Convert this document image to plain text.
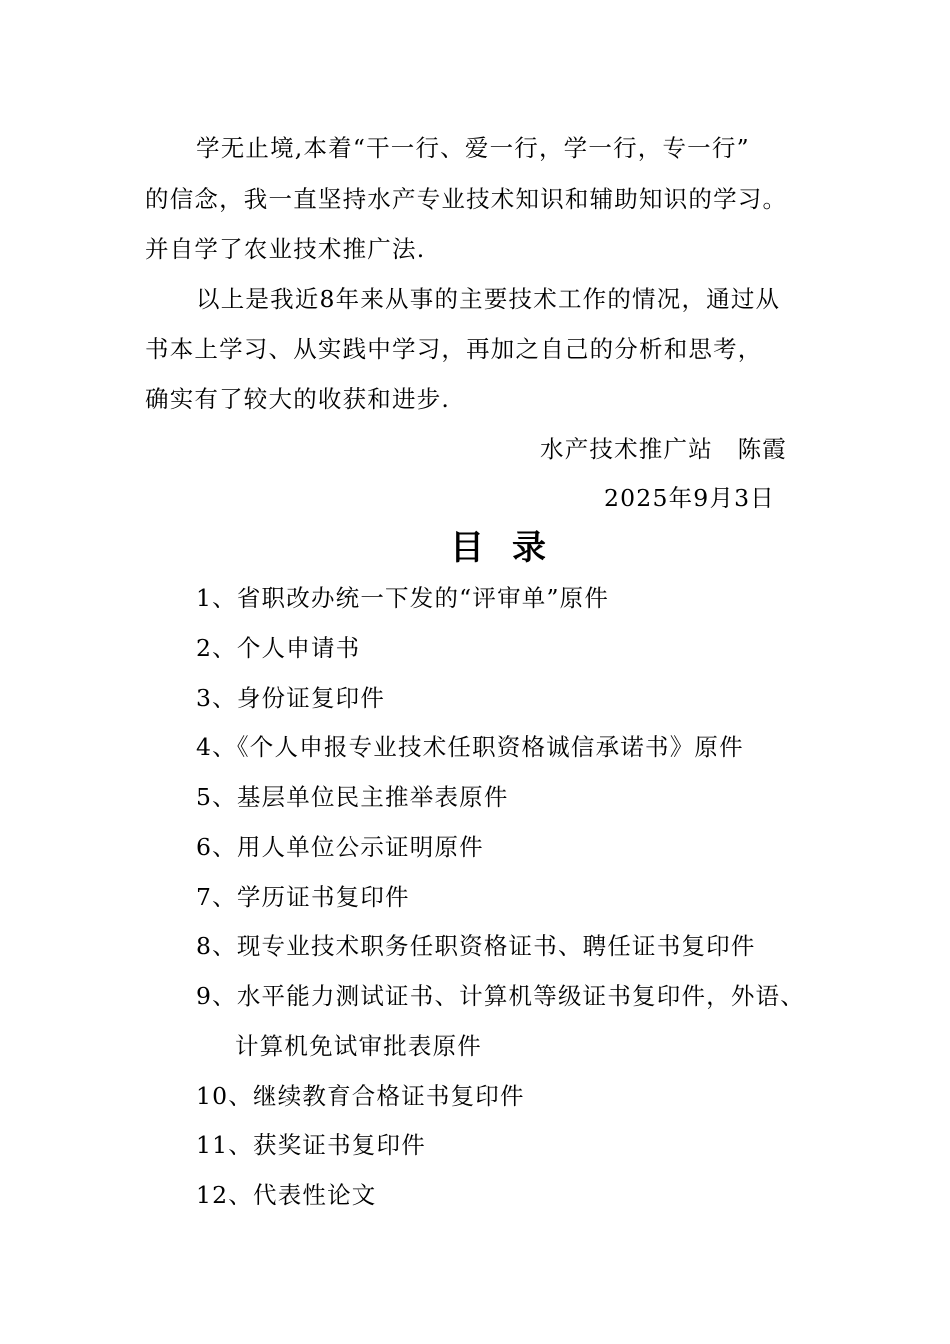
学无止境,本着“干一行、爱一行，学一行，专一行”
的信念，我一直坚持水产专业技术知识和辅助知识的学习。
并自学了农业技术推广法.
以上是我近8年来从事的主要技术工作的情况，通过从
书本上学习、从实践中学习，再加之自己的分析和思考，
确实有了较大的收获和进步.
水产技术推广站　陈霞
2025年9月3日
目录
1、省职改办统一下发的“评审单”原件
2、个人申请书
3、身份证复印件
4、《个人申报专业技术任职资格诚信承诺书》原件
5、基层单位民主推举表原件
6、用人单位公示证明原件
7、学历证书复印件
8、现专业技术职务任职资格证书、聘任证书复印件
9、水平能力测试证书、计算机等级证书复印件，外语、
计算机免试审批表原件
10、继续教育合格证书复印件
11、获奖证书复印件
12、代表性论文
